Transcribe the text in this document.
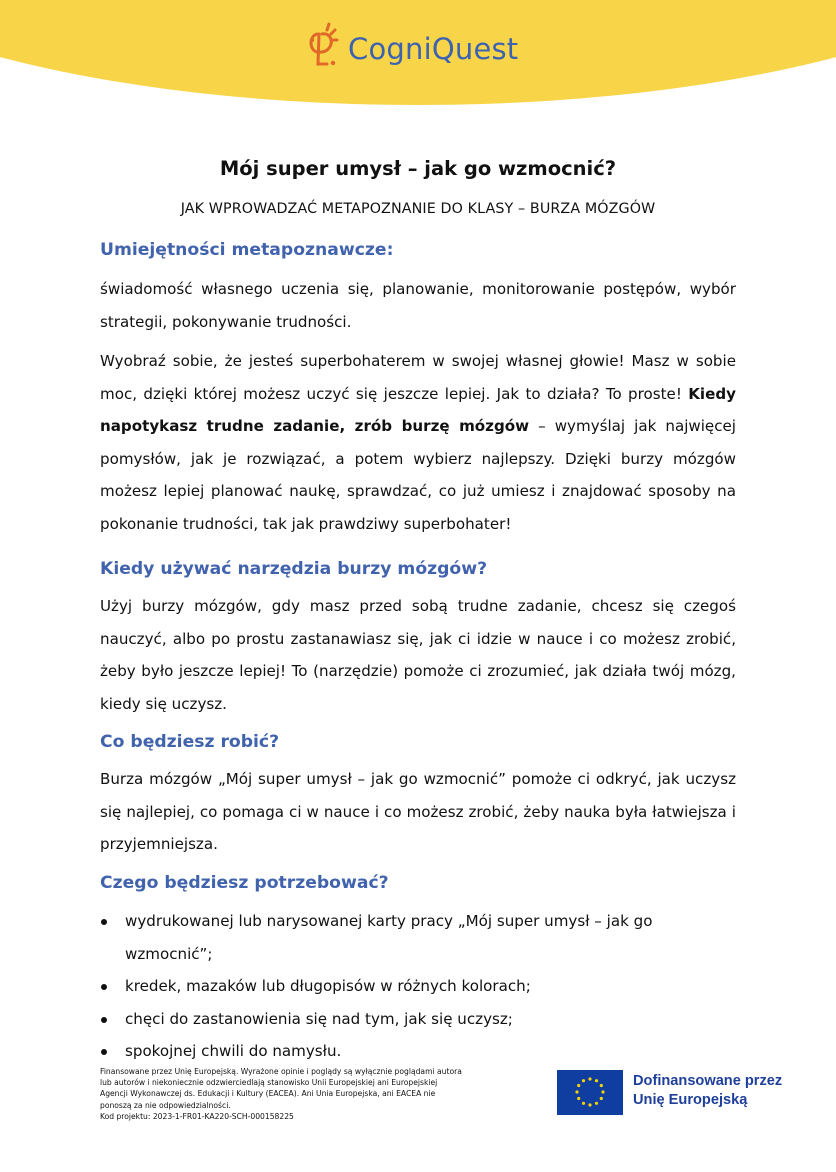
CogniQuest
Mój super umysł – jak go wzmocnić?
JAK WPROWADZAĆ METAPOZNANIE DO KLASY – BURZA MÓZGÓW
Umiejętności metapoznawcze:
świadomość własnego uczenia się, planowanie, monitorowanie postępów, wybór strategii, pokonywanie trudności.
Wyobraź sobie, że jesteś superbohaterem w swojej własnej głowie! Masz w sobie moc, dzięki której możesz uczyć się jeszcze lepiej. Jak to działa? To proste! Kiedy napotykasz trudne zadanie, zrób burzę mózgów – wymyślaj jak najwięcej pomysłów, jak je rozwiązać, a potem wybierz najlepszy. Dzięki burzy mózgów możesz lepiej planować naukę, sprawdzać, co już umiesz i znajdować sposoby na pokonanie trudności, tak jak prawdziwy superbohater!
Kiedy używać narzędzia burzy mózgów?
Użyj burzy mózgów, gdy masz przed sobą trudne zadanie, chcesz się czegoś nauczyć, albo po prostu zastanawiasz się, jak ci idzie w nauce i co możesz zrobić, żeby było jeszcze lepiej! To (narzędzie) pomoże ci zrozumieć, jak działa twój mózg, kiedy się uczysz.
Co będziesz robić?
Burza mózgów „Mój super umysł – jak go wzmocnić” pomoże ci odkryć, jak uczysz się najlepiej, co pomaga ci w nauce i co możesz zrobić, żeby nauka była łatwiejsza i przyjemniejsza.
Czego będziesz potrzebować?
wydrukowanej lub narysowanej karty pracy „Mój super umysł – jak go wzmocnić”;
kredek, mazaków lub długopisów w różnych kolorach;
chęci do zastanowienia się nad tym, jak się uczysz;
spokojnej chwili do namysłu.
Finansowane przez Unię Europejską. Wyrażone opinie i poglądy są wyłącznie poglądami autora
lub autorów i niekoniecznie odzwierciedlają stanowisko Unii Europejskiej ani Europejskiej
Agencji Wykonawczej ds. Edukacji i Kultury (EACEA). Ani Unia Europejska, ani EACEA nie
ponoszą za nie odpowiedzialności.
Kod projektu: 2023-1-FR01-KA220-SCH-000158225
Dofinansowane przez
Unię Europejską
